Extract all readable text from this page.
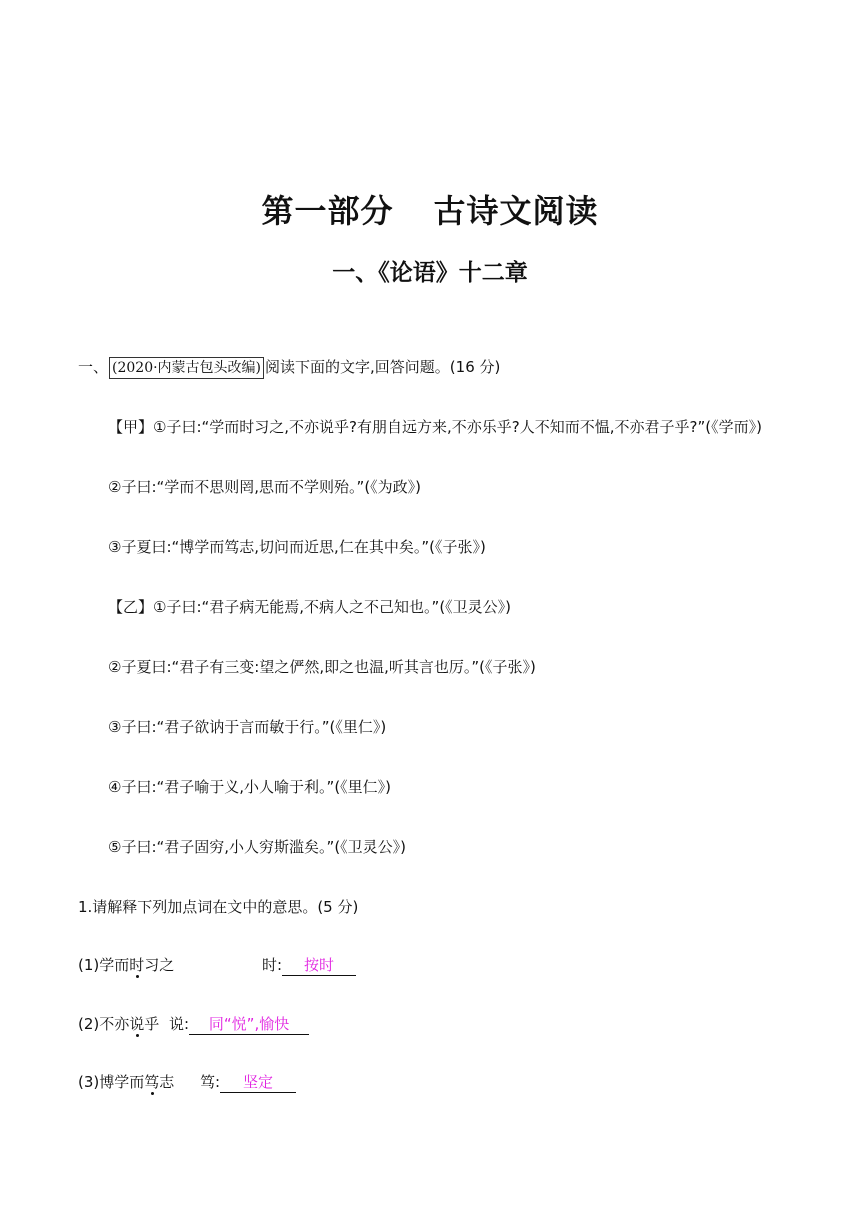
第一部分 古诗文阅读
一、《论语》十二章
一、 (2020·内蒙古包头改编) 阅读下面的文字,回答问题。(16 分)
【甲】①子曰:“学而时习之,不亦说乎?有朋自远方来,不亦乐乎?人不知而不愠,不亦君子乎?”(《学而》)
②子曰:“学而不思则罔,思而不学则殆。”(《为政》)
③子夏曰:“博学而笃志,切问而近思,仁在其中矣。”(《子张》)
【乙】①子曰:“君子病无能焉,不病人之不己知也。”(《卫灵公》)
②子夏曰:“君子有三变:望之俨然,即之也温,听其言也厉。”(《子张》)
③子曰:“君子欲讷于言而敏于行。”(《里仁》)
④子曰:“君子喻于义,小人喻于利。”(《里仁》)
⑤子曰:“君子固穷,小人穷斯滥矣。”(《卫灵公》)
1.请解释下列加点词在文中的意思。(5 分)
(1)学而时习之	时: 按时
(2)不亦说乎 说: 同“悦”,愉快
(3)博学而笃志 笃: 坚定
